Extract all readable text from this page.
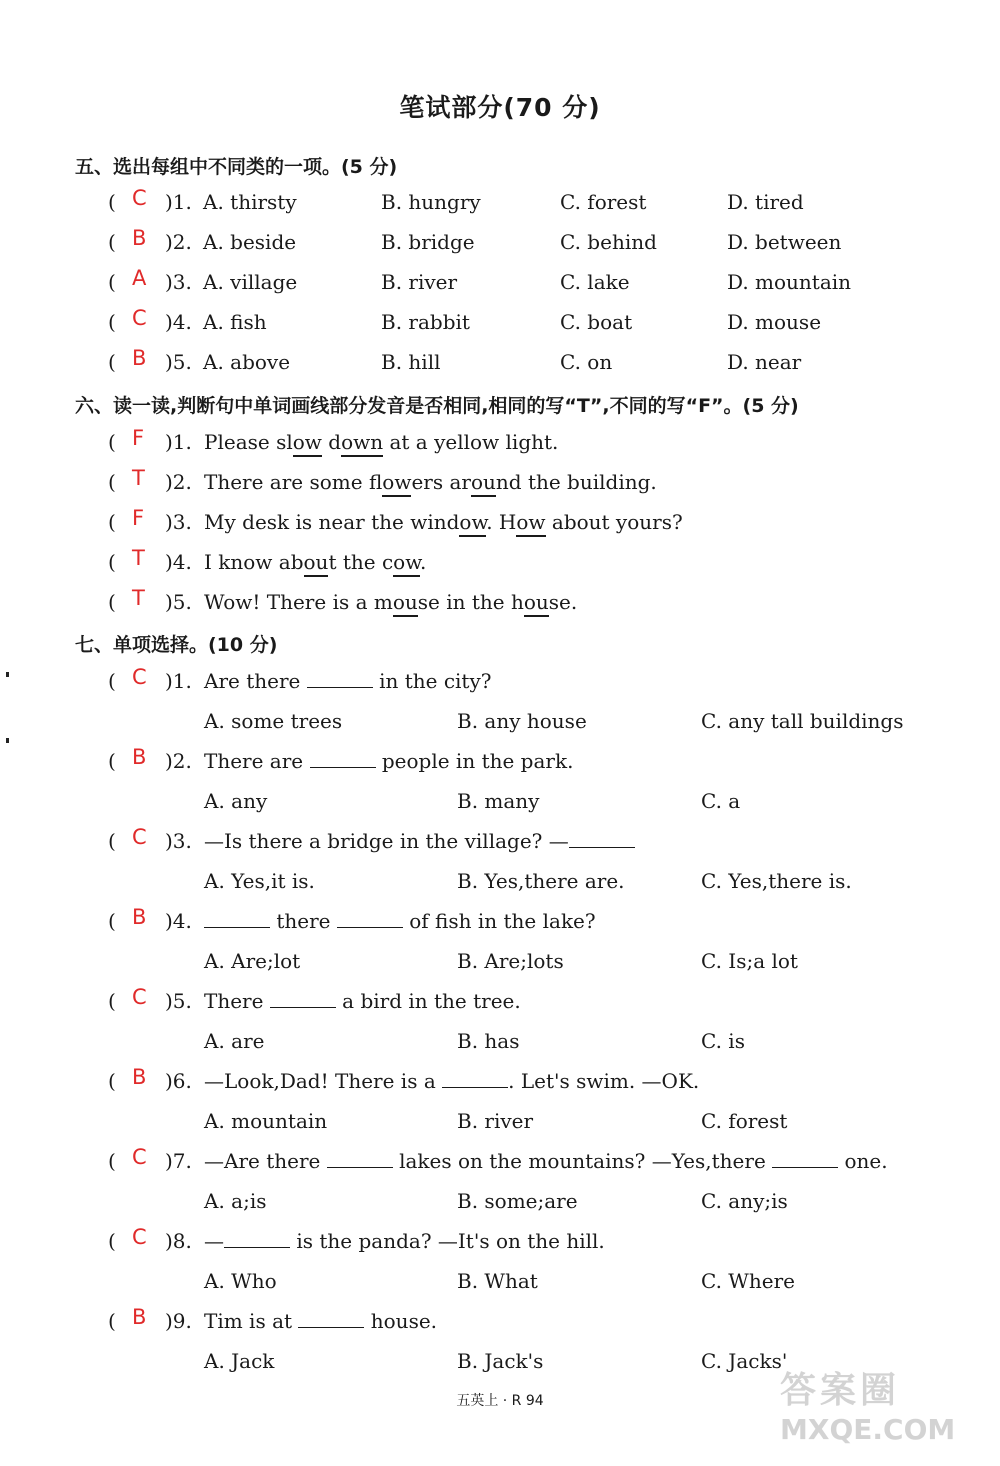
笔试部分(70 分)
五、选出每组中不同类的一项。(5 分)
( C )1. A. thirsty	B. hungry	C. forest	D. tired
( B )2. A. beside	B. bridge	C. behind	D. between
( A )3. A. village	B. river	C. lake	D. mountain
( C )4. A. fish	B. rabbit	C. boat	D. mouse
( B )5. A. above	B. hill	C. on	D. near
六、读一读,判断句中单词画线部分发音是否相同,相同的写“T”,不同的写“F”。(5 分)
( F )1. Please slow down at a yellow light.
( T )2. There are some flowers around the building.
( F )3. My desk is near the window. How about yours?
( T )4. I know about the cow.
( T )5. Wow! There is a mouse in the house.
七、单项选择。(10 分)
( C )1. Are there	in the city?
A. some trees	B. any house	C. any tall buildings
( B )2. There are	people in the park.
A. any	B. many	C. a
( C )3. —Is there a bridge in the village? —
A. Yes,it is.	B. Yes,there are.	C. Yes,there is.
( B )4.	there	of fish in the lake?
A. Are;lot	B. Are;lots	C. Is;a lot
( C )5. There	a bird in the tree.
A. are	B. has	C. is
( B )6. —Look,Dad! There is a	. Let's swim. —OK.
A. mountain	B. river	C. forest
( C )7. —Are there	lakes on the mountains? —Yes,there	one.
A. a;is	B. some;are	C. any;is
( C )8. —	is the panda? —It's on the hill.
A. Who	B. What	C. Where
( B )9. Tim is at	house.
A. Jack	B. Jack's	C. Jacks'
五英上 · R 94	答案圈
MXQE.COM
